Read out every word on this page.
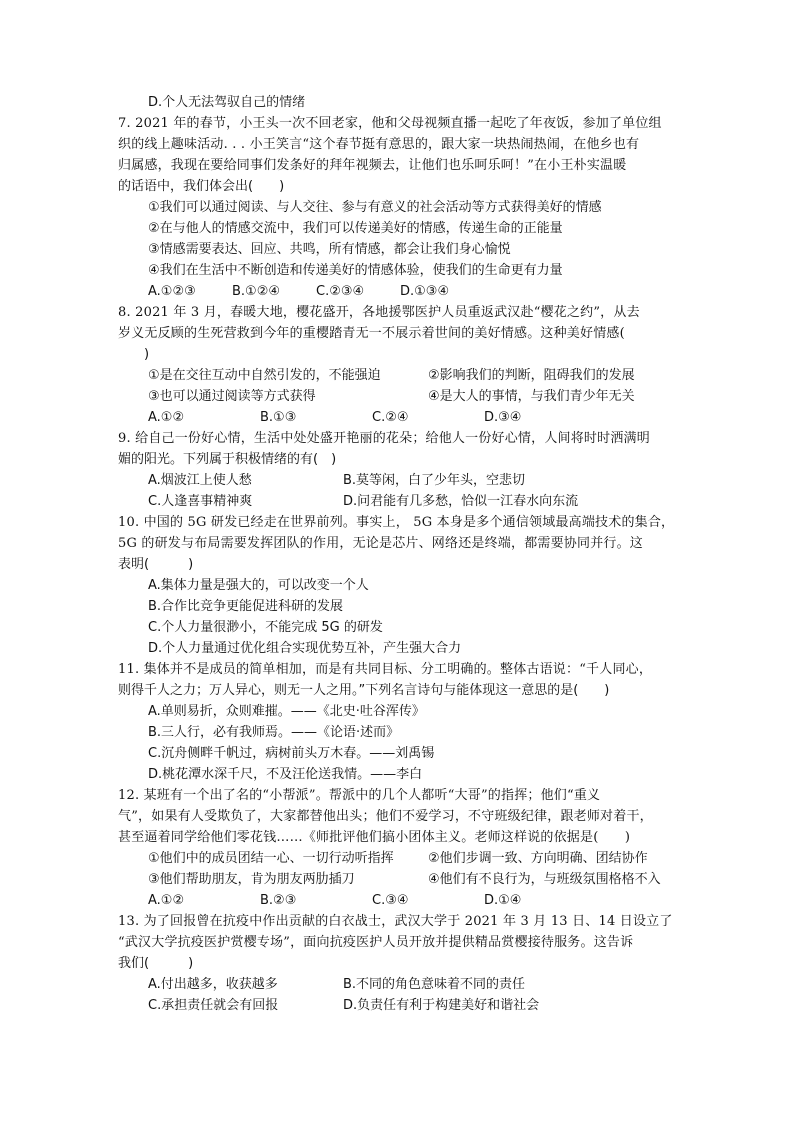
D.个人无法驾驭自己的情绪
7. 2021 年的春节，小王头一次不回老家，他和父母视频直播一起吃了年夜饭，参加了单位组
织的线上趣味活动. . . 小王笑言“这个春节挺有意思的，跟大家一块热闹热闹，在他乡也有
归属感，我现在要给同事们发条好的拜年视频去，让他们也乐呵乐呵！”在小王朴实温暖
的话语中，我们体会出(　　)
①我们可以通过阅读、与人交往、参与有意义的社会活动等方式获得美好的情感
②在与他人的情感交流中，我们可以传递美好的情感，传递生命的正能量
③情感需要表达、回应、共鸣，所有情感，都会让我们身心愉悦
④我们在生活中不断创造和传递美好的情感体验，使我们的生命更有力量
A.①②③	B.①②④	C.②③④	D.①③④
8. 2021 年 3 月，春暖大地，樱花盛开，各地援鄂医护人员重返武汉赴“樱花之约”，从去
岁义无反顾的生死营救到今年的重樱踏青无一不展示着世间的美好情感。这种美好情感(
　　)
①是在交往互动中自然引发的，不能强迫	②影响我们的判断，阻碍我们的发展
③也可以通过阅读等方式获得	④是大人的事情，与我们青少年无关
A.①②	B.①③	C.②④	D.③④
9. 给自己一份好心情，生活中处处盛开艳丽的花朵；给他人一份好心情，人间将时时洒满明
媚的阳光。下列属于积极情绪的有(　)
A.烟波江上使人愁	B.莫等闲，白了少年头，空悲切
C.人逢喜事精神爽	D.问君能有几多愁，恰似一江春水向东流
10. 中国的 5G 研发已经走在世界前列。事实上， 5G 本身是多个通信领域最高端技术的集合，
5G 的研发与布局需要发挥团队的作用，无论是芯片、网络还是终端，都需要协同并行。这
表明(　　　)
A.集体力量是强大的，可以改变一个人
B.合作比竞争更能促进科研的发展
C.个人力量很渺小，不能完成 5G 的研发
D.个人力量通过优化组合实现优势互补，产生强大合力
11. 集体并不是成员的简单相加，而是有共同目标、分工明确的。整体古语说：“千人同心，
则得千人之力；万人异心，则无一人之用。”下列名言诗句与能体现这一意思的是(　　)
A.单则易折，众则难摧。——《北史·吐谷浑传》
B.三人行，必有我师焉。——《论语·述而》
C.沉舟侧畔千帆过，病树前头万木春。——刘禹锡
D.桃花潭水深千尺，不及汪伦送我情。——李白
12. 某班有一个出了名的“小帮派”。帮派中的几个人都听“大哥”的指挥；他们“重义
气”，如果有人受欺负了，大家都替他出头；他们不爱学习，不守班级纪律，跟老师对着干，
甚至逼着同学给他们零花钱……《师批评他们搞小团体主义。老师这样说的依据是(　　)
①他们中的成员团结一心、一切行动听指挥	②他们步调一致、方向明确、团结协作
③他们帮助朋友，肯为朋友两肋插刀	④他们有不良行为，与班级氛围格格不入
A.①②	B.②③	C.③④	D.①④
13. 为了回报曾在抗疫中作出贡献的白衣战士，武汉大学于 2021 年 3 月 13 日、14 日设立了
“武汉大学抗疫医护赏樱专场”，面向抗疫医护人员开放并提供精品赏樱接待服务。这告诉
我们(　　　)
A.付出越多，收获越多	B.不同的角色意味着不同的责任
C.承担责任就会有回报	D.负责任有利于构建美好和谐社会
